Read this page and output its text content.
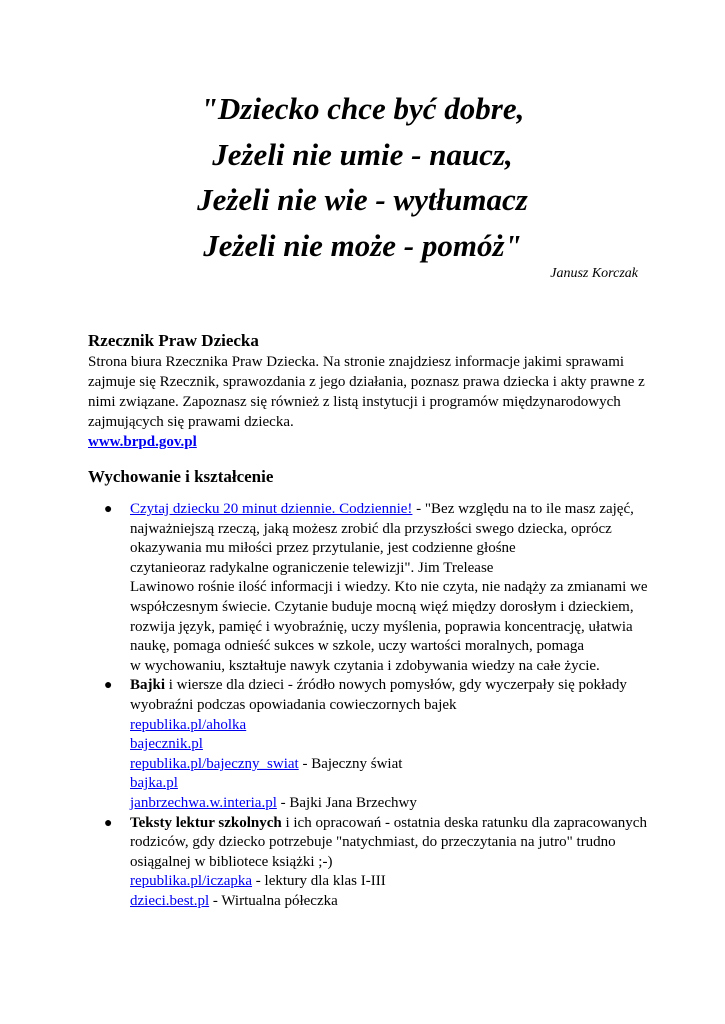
"Dziecko chce być dobre,
Jeżeli nie umie - naucz,
Jeżeli nie wie - wytłumacz
Jeżeli nie może - pomóż"
Janusz Korczak
Rzecznik Praw Dziecka

Strona biura Rzecznika Praw Dziecka. Na stronie znajdziesz informacje jakimi sprawami
zajmuje się Rzecznik, sprawozdania z jego działania, poznasz prawa dziecka i akty prawne z
nimi związane. Zapoznasz się również z listą instytucji i programów międzynarodowych
zajmujących się prawami dziecka.

www.brpd.gov.pl
Wychowanie i kształcenie
● Czytaj dziecku 20 minut dziennie. Codziennie! - "Bez względu na to ile masz zajęć,
najważniejszą rzeczą, jaką możesz zrobić dla przyszłości swego dziecka, oprócz
okazywania mu miłości przez przytulanie, jest codzienne głośne
czytanieoraz radykalne ograniczenie telewizji". Jim Trelease
Lawinowo rośnie ilość informacji i wiedzy. Kto nie czyta, nie nadąży za zmianami we
współczesnym świecie. Czytanie buduje mocną więź między dorosłym i dzieckiem,
rozwija język, pamięć i wyobraźnię, uczy myślenia, poprawia koncentrację, ułatwia
naukę, pomaga odnieść sukces w szkole, uczy wartości moralnych, pomaga
w wychowaniu, kształtuje nawyk czytania i zdobywania wiedzy na całe życie.
● Bajki i wiersze dla dzieci - źródło nowych pomysłów, gdy wyczerpały się pokłady
wyobraźni podczas opowiadania cowieczornych bajek
republika.pl/aholka
bajecznik.pl
republika.pl/bajeczny_swiat - Bajeczny świat
bajka.pl
janbrzechwa.w.interia.pl - Bajki Jana Brzechwy
● Teksty lektur szkolnych i ich opracowań - ostatnia deska ratunku dla zapracowanych
rodziców, gdy dziecko potrzebuje "natychmiast, do przeczytania na jutro" trudno
osiągalnej w bibliotece książki ;-)
republika.pl/iczapka - lektury dla klas I-III
dzieci.best.pl - Wirtualna półeczka
